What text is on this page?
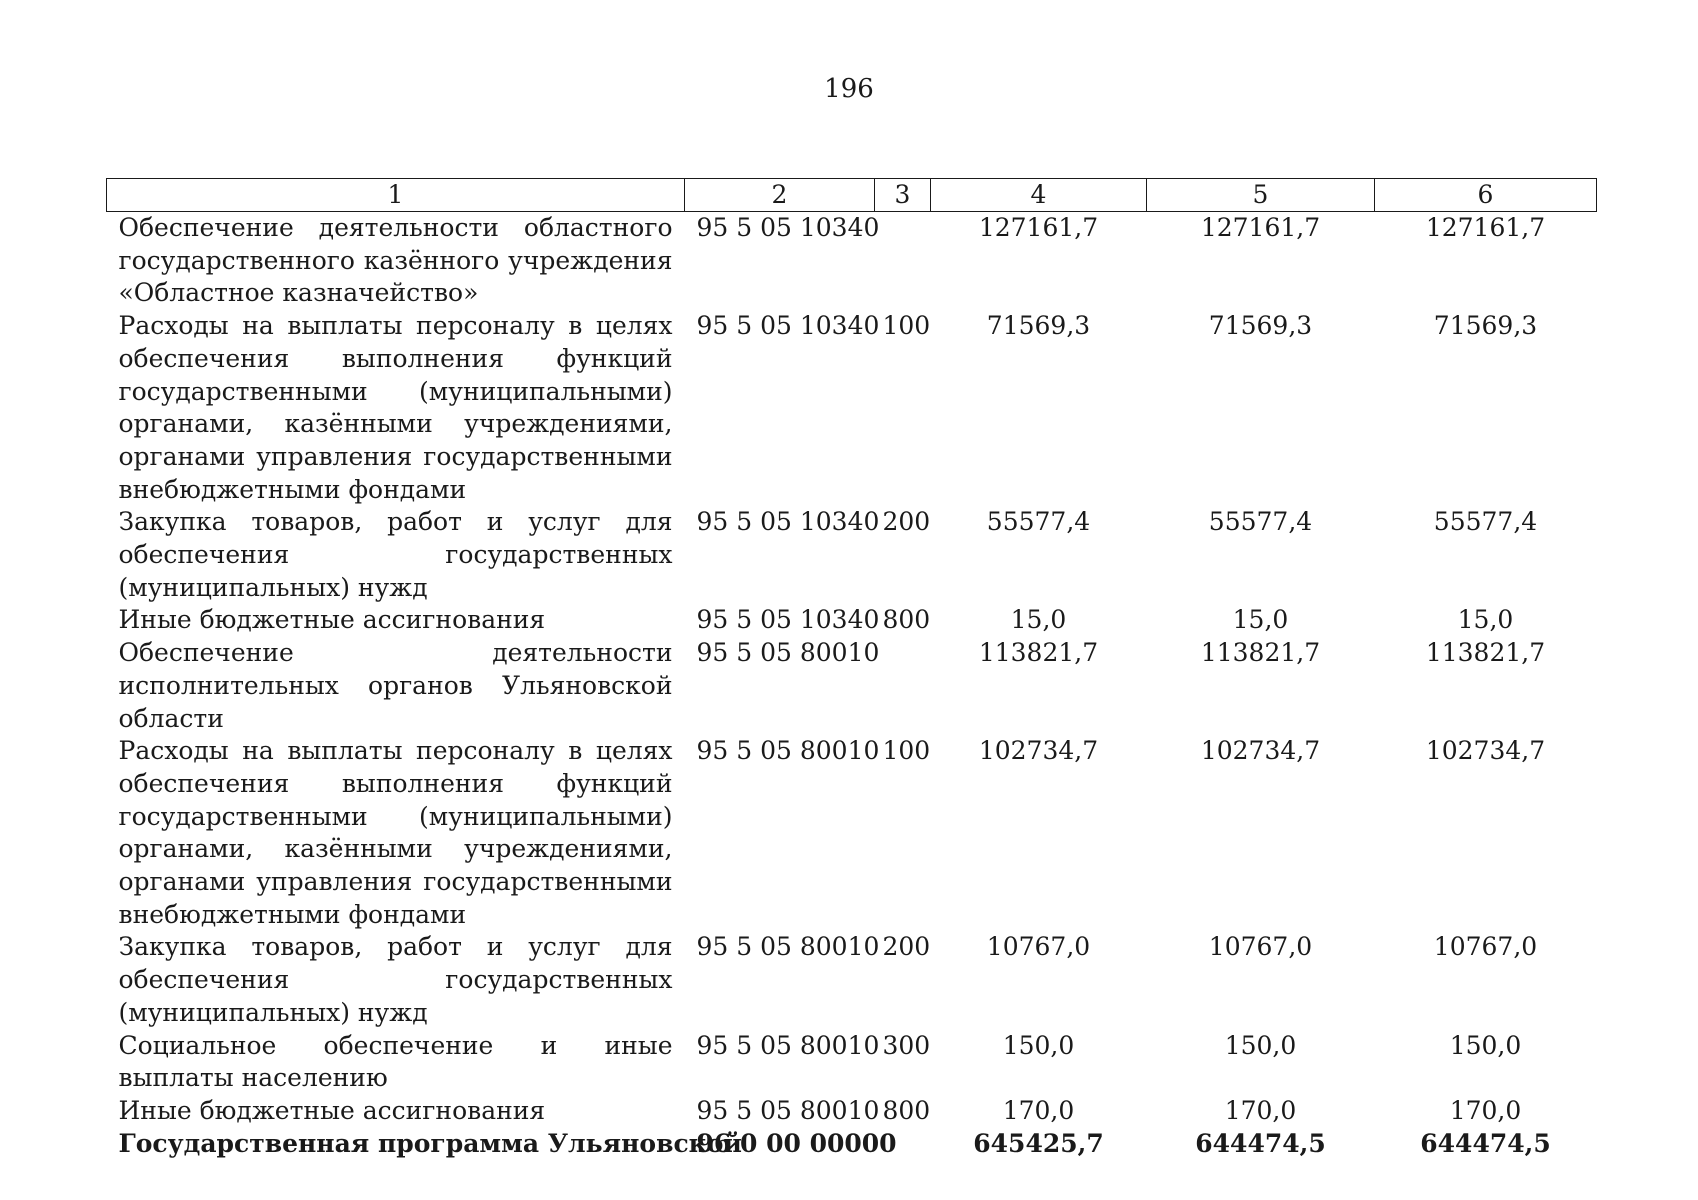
196
1	2	3	4	5	6
Обеспечение деятельности областного государственного казённого учреждения «Областное казначейство»	95 5 05 10340		127161,7	127161,7	127161,7
Расходы на выплаты персоналу в целях обеспечения выполнения функций государственными (муниципальными) органами, казёнными учреждениями, органами управления государственными внебюджетными фондами	95 5 05 10340	100	71569,3	71569,3	71569,3
Закупка товаров, работ и услуг для обеспечения государственных (муниципальных) нужд	95 5 05 10340	200	55577,4	55577,4	55577,4
Иные бюджетные ассигнования	95 5 05 10340	800	15,0	15,0	15,0
Обеспечение деятельности исполнительных органов Ульяновской области	95 5 05 80010		113821,7	113821,7	113821,7
Расходы на выплаты персоналу в целях обеспечения выполнения функций государственными (муниципальными) органами, казёнными учреждениями, органами управления государственными внебюджетными фондами	95 5 05 80010	100	102734,7	102734,7	102734,7
Закупка товаров, работ и услуг для обеспечения государственных (муниципальных) нужд	95 5 05 80010	200	10767,0	10767,0	10767,0
Социальное обеспечение и иные выплаты населению	95 5 05 80010	300	150,0	150,0	150,0
Иные бюджетные ассигнования	95 5 05 80010	800	170,0	170,0	170,0
Государственная программа Ульяновской	96 0 00 00000		645425,7	644474,5	644474,5
